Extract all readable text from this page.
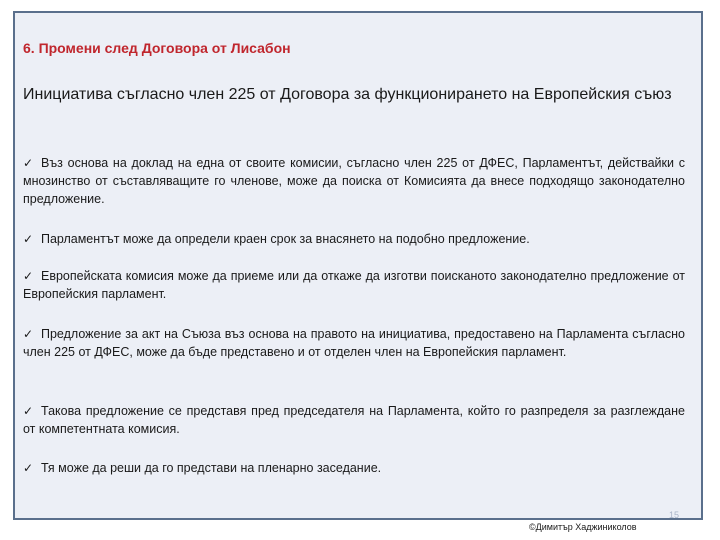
6. Промени след Договора от Лисабон
Инициатива съгласно член 225 от Договора за функционирането на Европейския съюз
✓ Въз основа на доклад на една от своите комисии, съгласно член 225 от ДФЕС, Парламентът, действайки с мнозинство от съставляващите го членове, може да поиска от Комисията да внесе подходящо законодателно предложение.
✓ Парламентът може да определи краен срок за внасянето на подобно предложение.
✓ Европейската комисия може да приеме или да откаже да изготви поисканото законодателно предложение от Европейския парламент.
✓ Предложение за акт на Съюза въз основа на правото на инициатива, предоставено на Парламента съгласно член 225 от ДФЕС, може да бъде представено и от отделен член на Европейския парламент.
✓ Такова предложение се представя пред председателя на Парламента, който го разпределя за разглеждане от компетентната комисия.
✓ Тя може да реши да го представи на пленарно заседание.
15
©Димитър Хаджиниколов
